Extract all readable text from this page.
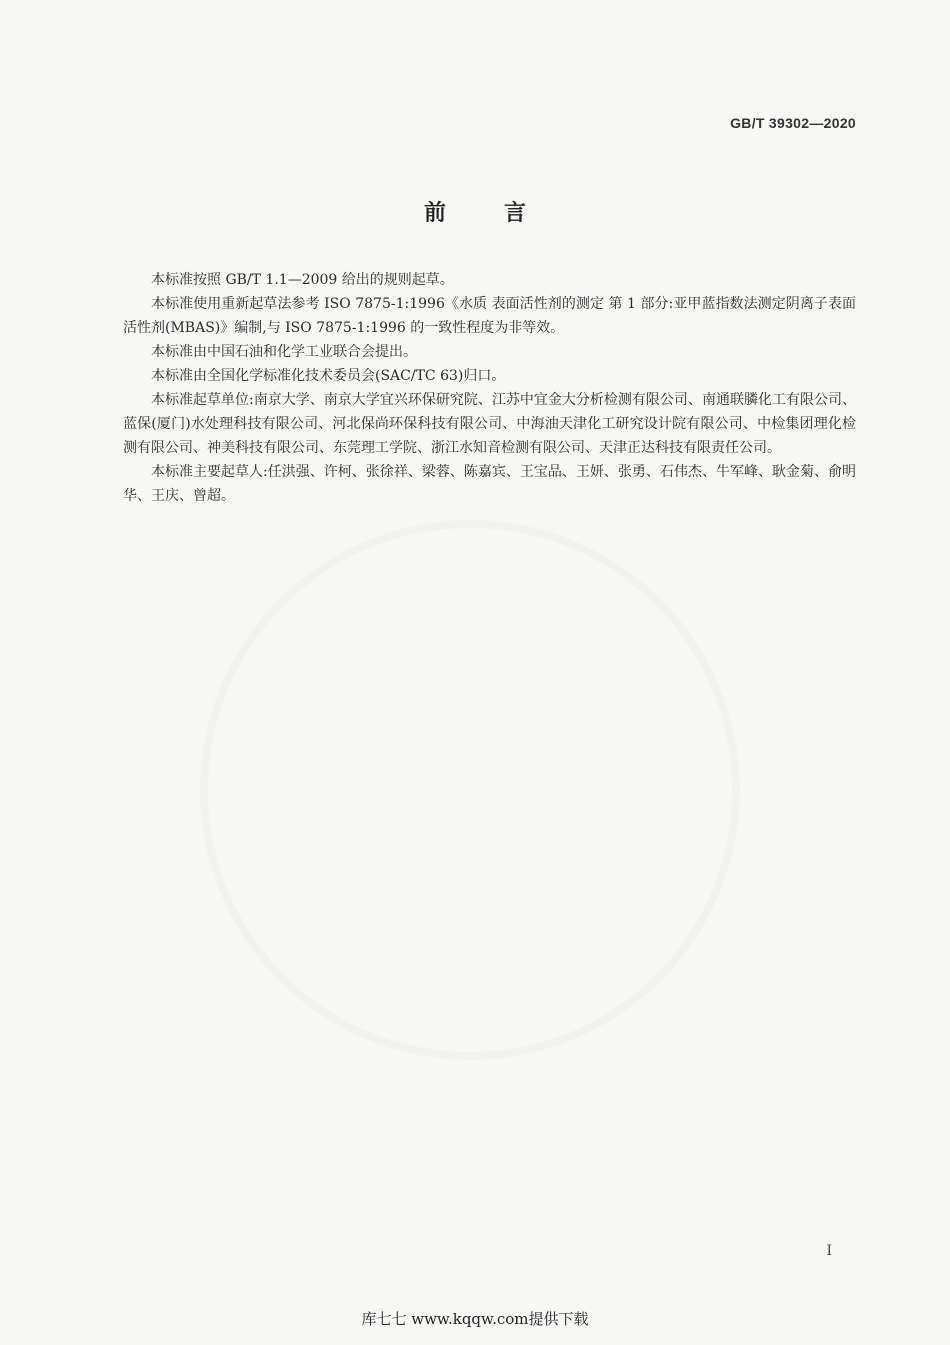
GB/T 39302—2020
前言

本标准按照 GB/T 1.1—2009 给出的规则起草。

本标准使用重新起草法参考 ISO 7875-1:1996《水质 表面活性剂的测定 第 1 部分:亚甲蓝指数法测定阴离子表面活性剂(MBAS)》编制,与 ISO 7875-1:1996 的一致性程度为非等效。

本标准由中国石油和化学工业联合会提出。

本标准由全国化学标准化技术委员会(SAC/TC 63)归口。

本标准起草单位:南京大学、南京大学宜兴环保研究院、江苏中宜金大分析检测有限公司、南通联膦化工有限公司、蓝保(厦门)水处理科技有限公司、河北保尚环保科技有限公司、中海油天津化工研究设计院有限公司、中检集团理化检测有限公司、神美科技有限公司、东莞理工学院、浙江水知音检测有限公司、天津正达科技有限责任公司。

本标准主要起草人:任洪强、许柯、张徐祥、梁蓉、陈嘉宾、王宝品、王妍、张勇、石伟杰、牛军峰、耿金菊、俞明华、王庆、曾超。

I
库七七 www.kqqw.com提供下载
